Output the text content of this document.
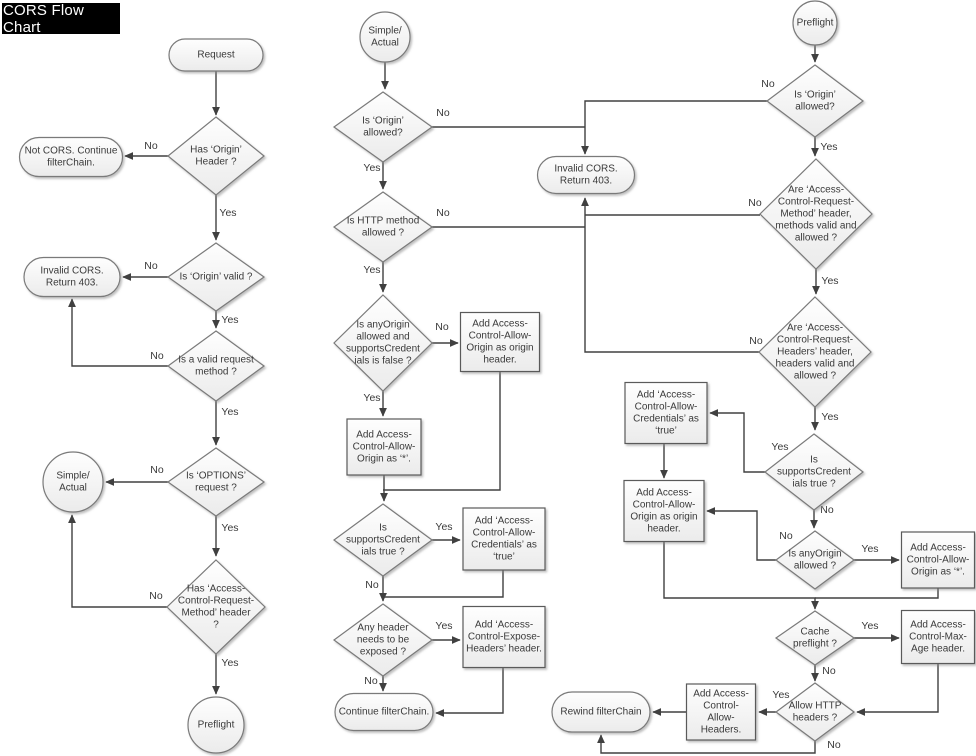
CORS Flow Chart
No
Yes
No
Yes
No
Yes
No
Yes
No
Yes
No
No
Yes
No
No
No
Yes
No
Yes
Yes
No
Yes
No
Yes
Yes
Yes
Yes
No
No
Yes
Yes
No
Yes
No
Request
Has ‘Origin’ Header ?
Not CORS. Continue filterChain.
Is ‘Origin’ valid ?
Invalid CORS. Return 403.
Is a valid request method ?
Is ‘OPTIONS’ request ?
Simple/ Actual
Has ‘Access-Control-Request-Method’ header ?
Preflight
Simple/ Actual
Is ‘Origin’ allowed?
Is HTTP method allowed ?
Is anyOrigin allowed and supportsCredent ials is false ?
Add Access-Control-Allow-Origin as origin header.
Add Access-Control-Allow-Origin as ‘*’.
Is supportsCredent ials true ?
Add ‘Access-Control-Allow-Credentials’ as ‘true’
Any header needs to be exposed ?
Add ‘Access-Control-Expose-Headers’ header.
Continue filterChain.
Invalid CORS. Return 403.
Preflight
Is ‘Origin’ allowed?
Are ‘Access-Control-Request-Method’ header, methods valid and allowed ?
Are ‘Access-Control-Request-Headers’ header, headers valid and allowed ?
Is supportsCredent ials true ?
Add ‘Access-Control-Allow-Credentials’ as ‘true’
Add Access-Control-Allow-Origin as origin header.
Is anyOrigin allowed ?
Add Access-Control-Allow-Origin as ‘*’.
Cache preflight ?
Add Access-Control-Max-Age header.
Allow HTTP headers ?
Add Access-Control-Allow-Headers.
Rewind filterChain
